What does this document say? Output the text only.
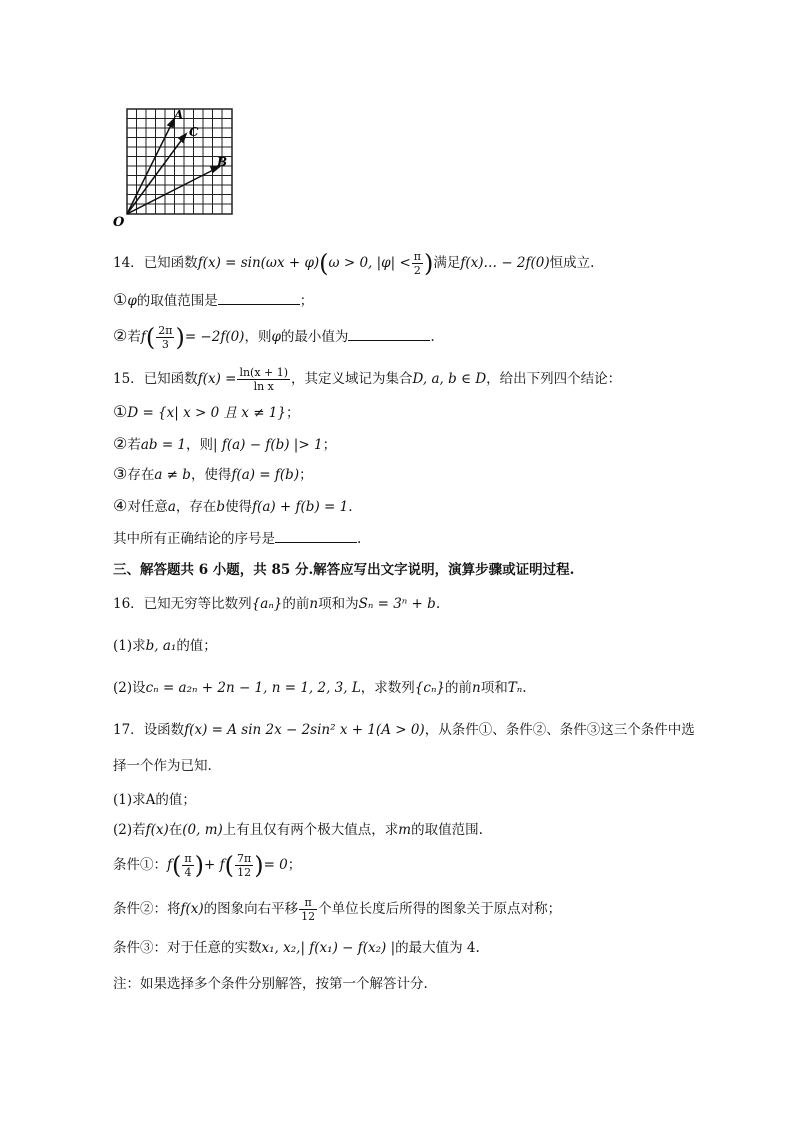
A
C
B
O
14．已知函数f(x) = sin(ωx + φ)(ω > 0, $|\varphi| < \frac{\pi}{2}$ )满足f(x)… − 2f(0)恒成立.
①φ的取值范围是	；
②若$f( \frac{2\pi}{3}$ )= −2f(0)，则φ的最小值为	.
15．已知函数$f(x) = \frac{\ln(x + 1)}{\text{ln x}}$ ，其定义域记为集合D, a, b ∈ D，给出下列四个结论：
①D = {x| x > 0 且 x ≠ 1}；
②若ab = 1，则| f(a) − f(b) |> 1；
③存在a ≠ b，使得f(a) = f(b)；
④对任意a，存在b使得f(a) + f(b) = 1.
其中所有正确结论的序号是	.
三、解答题共 6 小题，共 85 分.解答应写出文字说明，演算步骤或证明过程.
16．已知无穷等比数列{aₙ}的前n项和为Sₙ = 3ⁿ + b.
(1)求b, a₁的值；
(2)设cₙ = a₂ₙ + 2n − 1, n = 1, 2, 3, L，求数列{cₙ}的前n项和Tₙ.
17．设函数f(x) = A sin 2x − 2sin² x + 1(A > 0)，从条件①、条件②、条件③这三个条件中选
择一个作为已知.
(1)求A的值；
(2)若f(x)在(0, m)上有且仅有两个极大值点，求m的取值范围.
条件①：$f( \frac{\pi}{4}$ )+ $f( \frac{7\pi}{12}$ )= 0；
条件②：将f(x)的图象向右平移 $\frac{\pi}{12}$ 个单位长度后所得的图象关于原点对称；
条件③：对于任意的实数x₁, x₂,| f(x₁) − f(x₂) |的最大值为 4.
注：如果选择多个条件分别解答，按第一个解答计分.
